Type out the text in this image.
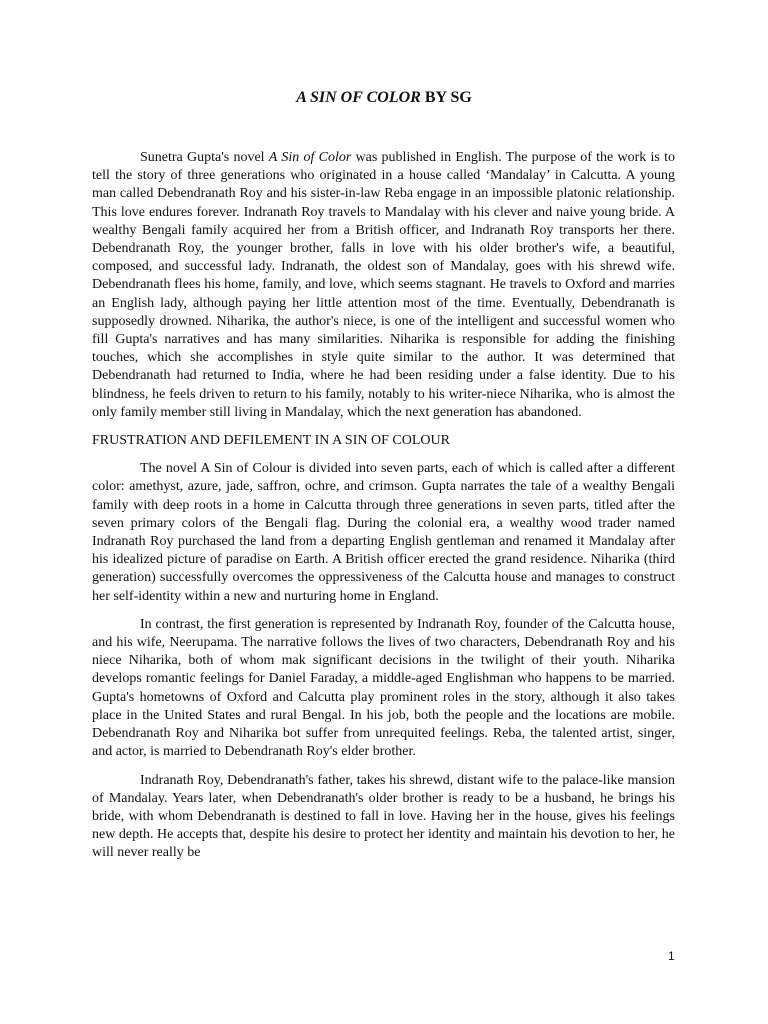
A SIN OF COLOR BY SG

Sunetra Gupta's novel A Sin of Color was published in English. The purpose of the work is to tell the story of three generations who originated in a house called ‘Mandalay’ in Calcutta. A young man called Debendranath Roy and his sister-in-law Reba engage in an impossible platonic relationship. This love endures forever. Indranath Roy travels to Mandalay with his clever and naive young bride. A wealthy Bengali family acquired her from a British officer, and Indranath Roy transports her there. Debendranath Roy, the younger brother, falls in love with his older brother's wife, a beautiful, composed, and successful lady. Indranath, the oldest son of Mandalay, goes with his shrewd wife. Debendranath flees his home, family, and love, which seems stagnant. He travels to Oxford and marries an English lady, although paying her little attention most of the time. Eventually, Debendranath is supposedly drowned. Niharika, the author's niece, is one of the intelligent and successful women who fill Gupta's narratives and has many similarities. Niharika is responsible for adding the finishing touches, which she accomplishes in style quite similar to the author. It was determined that Debendranath had returned to India, where he had been residing under a false identity. Due to his blindness, he feels driven to return to his family, notably to his writer-niece Niharika, who is almost the only family member still living in Mandalay, which the next generation has abandoned.

FRUSTRATION AND DEFILEMENT IN A SIN OF COLOUR

The novel A Sin of Colour is divided into seven parts, each of which is called after a different color: amethyst, azure, jade, saffron, ochre, and crimson. Gupta narrates the tale of a wealthy Bengali family with deep roots in a home in Calcutta through three generations in seven parts, titled after the seven primary colors of the Bengali flag. During the colonial era, a wealthy wood trader named Indranath Roy purchased the land from a departing English gentleman and renamed it Mandalay after his idealized picture of paradise on Earth. A British officer erected the grand residence. Niharika (third generation) successfully overcomes the oppressiveness of the Calcutta house and manages to construct her self-identity within a new and nurturing home in England.

In contrast, the first generation is represented by Indranath Roy, founder of the Calcutta house, and his wife, Neerupama. The narrative follows the lives of two characters, Debendranath Roy and his niece Niharika, both of whom mak significant decisions in the twilight of their youth. Niharika develops romantic feelings for Daniel Faraday, a middle-aged Englishman who happens to be married. Gupta's hometowns of Oxford and Calcutta play prominent roles in the story, although it also takes place in the United States and rural Bengal. In his job, both the people and the locations are mobile. Debendranath Roy and Niharika bot suffer from unrequited feelings. Reba, the talented artist, singer, and actor, is married to Debendranath Roy's elder brother.

Indranath Roy, Debendranath's father, takes his shrewd, distant wife to the palace-like mansion of Mandalay. Years later, when Debendranath's older brother is ready to be a husband, he brings his bride, with whom Debendranath is destined to fall in love. Having her in the house, gives his feelings new depth. He accepts that, despite his desire to protect her identity and maintain his devotion to her, he will never really be

1
